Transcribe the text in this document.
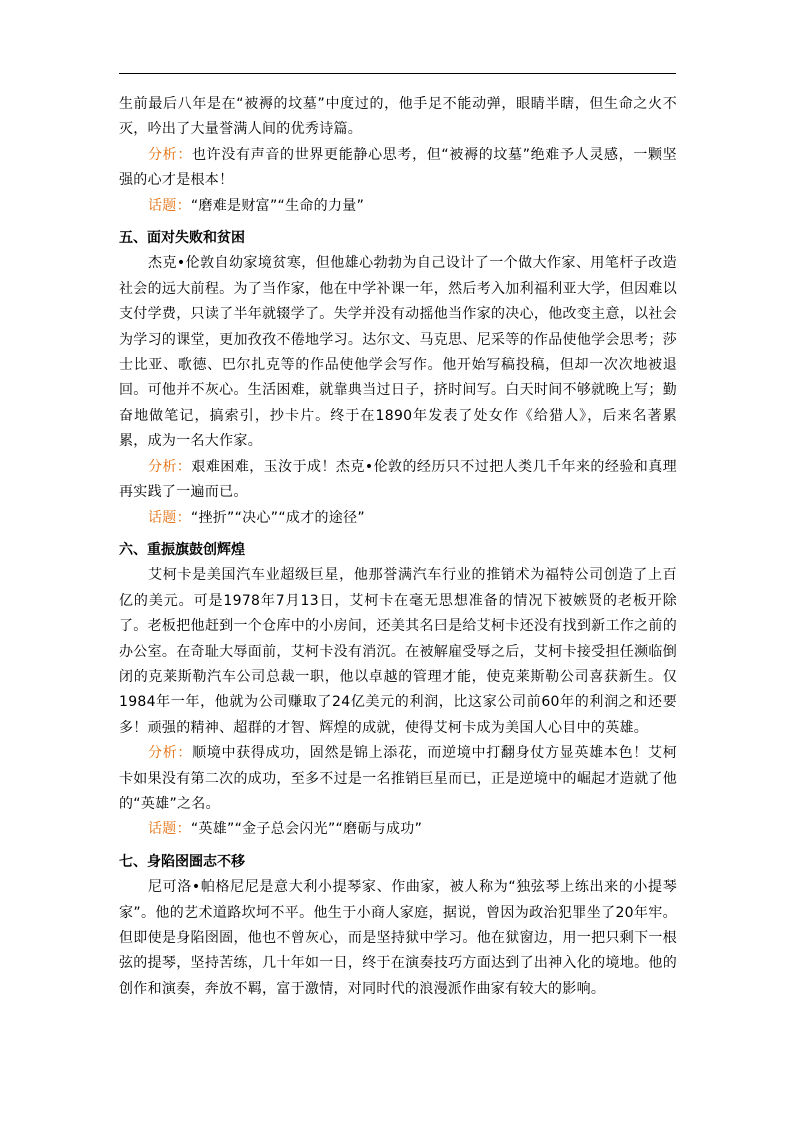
生前最后八年是在“被褥的坟墓”中度过的，他手足不能动弹，眼睛半瞎，但生命之火不灭，吟出了大量誉满人间的优秀诗篇。

分析：也许没有声音的世界更能静心思考，但“被褥的坟墓”绝难予人灵感，一颗坚强的心才是根本！

话题：“磨难是财富”“生命的力量”

五、面对失败和贫困

杰克•伦敦自幼家境贫寒，但他雄心勃勃为自己设计了一个做大作家、用笔杆子改造社会的远大前程。为了当作家，他在中学补课一年，然后考入加利福利亚大学，但因难以支付学费，只读了半年就辍学了。失学并没有动摇他当作家的决心，他改变主意，以社会为学习的课堂，更加孜孜不倦地学习。达尔文、马克思、尼采等的作品使他学会思考；莎士比亚、歌德、巴尔扎克等的作品使他学会写作。他开始写稿投稿，但却一次次地被退回。可他并不灰心。生活困难，就靠典当过日子，挤时间写。白天时间不够就晚上写；勤奋地做笔记，搞索引，抄卡片。终于在1890年发表了处女作《给猎人》，后来名著累累，成为一名大作家。

分析：艰难困难，玉汝于成！杰克•伦敦的经历只不过把人类几千年来的经验和真理再实践了一遍而已。

话题：“挫折”“决心”“成才的途径”

六、重振旗鼓创辉煌

艾柯卡是美国汽车业超级巨星，他那誉满汽车行业的推销术为福特公司创造了上百亿的美元。可是1978年7月13日，艾柯卡在毫无思想准备的情况下被嫉贤的老板开除了。老板把他赶到一个仓库中的小房间，还美其名曰是给艾柯卡还没有找到新工作之前的办公室。在奇耻大辱面前，艾柯卡没有消沉。在被解雇受辱之后，艾柯卡接受担任濒临倒闭的克莱斯勒汽车公司总裁一职，他以卓越的管理才能，使克莱斯勒公司喜获新生。仅1984年一年，他就为公司赚取了24亿美元的利润，比这家公司前60年的利润之和还要多！顽强的精神、超群的才智、辉煌的成就，使得艾柯卡成为美国人心目中的英雄。

分析：顺境中获得成功，固然是锦上添花，而逆境中打翻身仗方显英雄本色！艾柯卡如果没有第二次的成功，至多不过是一名推销巨星而已，正是逆境中的崛起才造就了他的“英雄”之名。

话题：“英雄”“金子总会闪光”“磨砺与成功”

七、身陷囹圄志不移

尼可洛•帕格尼尼是意大利小提琴家、作曲家，被人称为“独弦琴上练出来的小提琴家”。他的艺术道路坎坷不平。他生于小商人家庭，据说，曾因为政治犯罪坐了20年牢。但即使是身陷囹圄，他也不曾灰心，而是坚持狱中学习。他在狱窗边，用一把只剩下一根弦的提琴，坚持苦练，几十年如一日，终于在演奏技巧方面达到了出神入化的境地。他的创作和演奏，奔放不羁，富于激情，对同时代的浪漫派作曲家有较大的影响。
